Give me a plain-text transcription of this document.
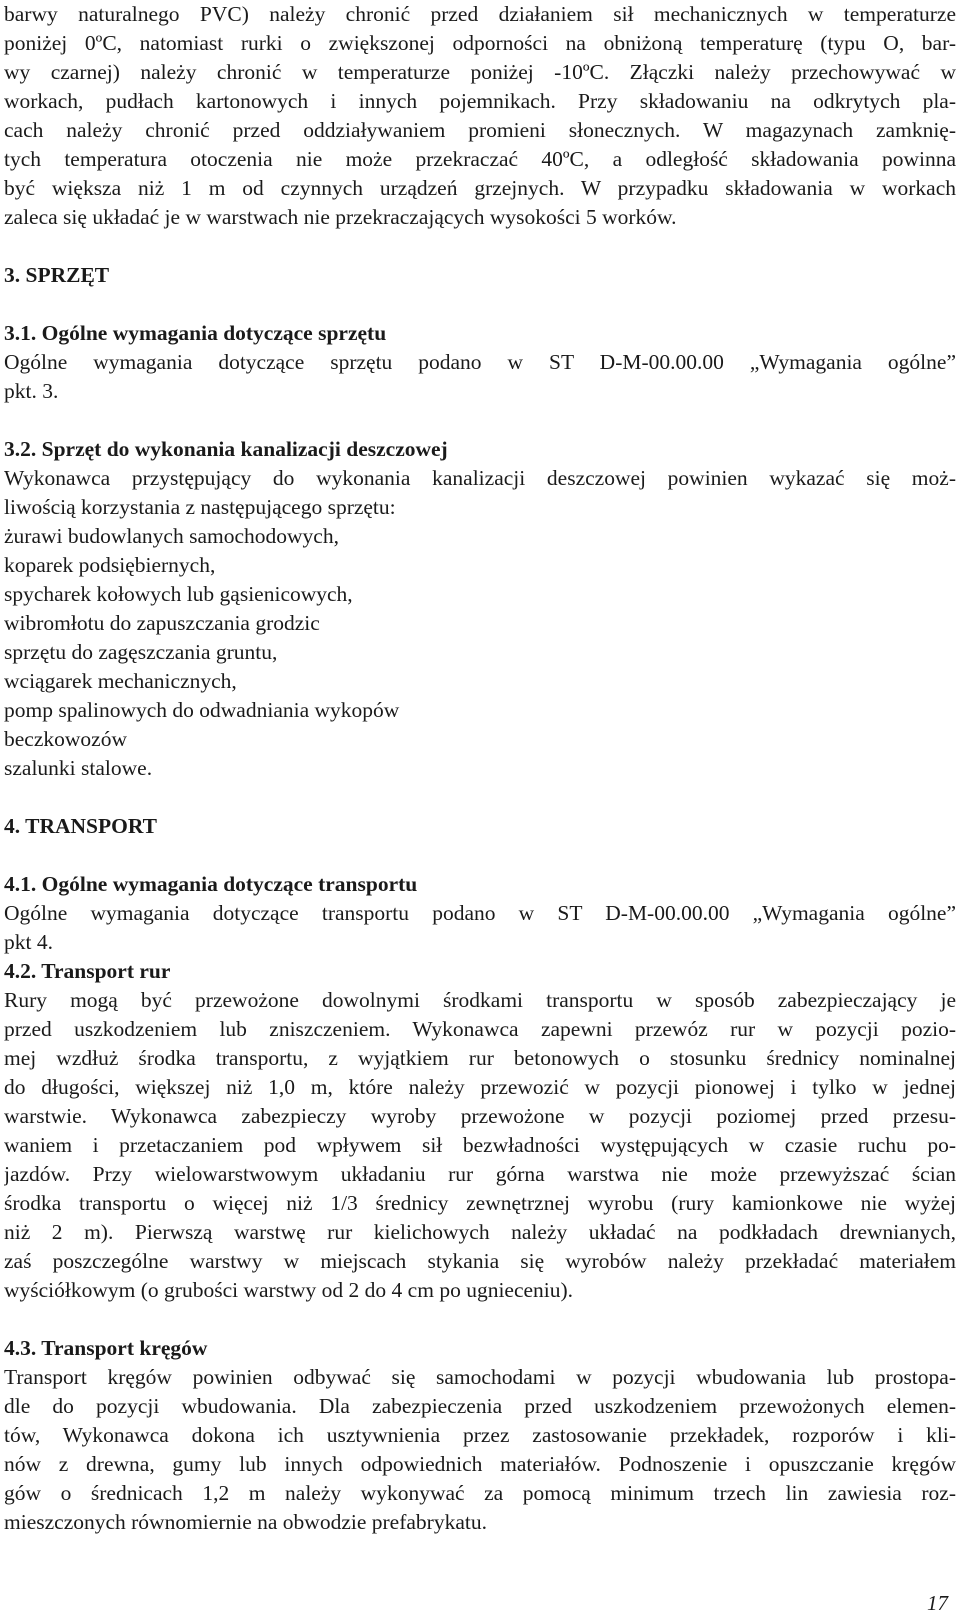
barwy naturalnego PVC) należy chronić przed działaniem sił mechanicznych w temperaturze
poniżej 0ºC, natomiast rurki o zwiększonej odporności na obniżoną temperaturę (typu O, bar-
wy czarnej) należy chronić w temperaturze poniżej -10ºC. Złączki należy przechowywać w
workach, pudłach kartonowych i innych pojemnikach. Przy składowaniu na odkrytych pla-
cach należy chronić przed oddziaływaniem promieni słonecznych. W magazynach zamknię-
tych temperatura otoczenia nie może przekraczać 40ºC, a odległość składowania powinna
być większa niż 1 m od czynnych urządzeń grzejnych. W przypadku składowania w workach
zaleca się układać je w warstwach nie przekraczających wysokości 5 worków.
3. SPRZĘT
3.1. Ogólne wymagania dotyczące sprzętu
Ogólne wymagania dotyczące sprzętu podano w ST D-M-00.00.00 „Wymagania ogólne”
pkt. 3.
3.2. Sprzęt do wykonania kanalizacji deszczowej
Wykonawca przystępujący do wykonania kanalizacji deszczowej powinien wykazać się moż-
liwością korzystania z następującego sprzętu:
żurawi budowlanych samochodowych,
koparek podsiębiernych,
spycharek kołowych lub gąsienicowych,
wibromłotu do zapuszczania grodzic
sprzętu do zagęszczania gruntu,
wciągarek mechanicznych,
pomp spalinowych do odwadniania wykopów
beczkowozów
szalunki stalowe.
4. TRANSPORT
4.1. Ogólne wymagania dotyczące transportu
Ogólne wymagania dotyczące transportu podano w ST D-M-00.00.00 „Wymagania ogólne”
pkt 4.
4.2. Transport rur
Rury mogą być przewożone dowolnymi środkami transportu w sposób zabezpieczający je
przed uszkodzeniem lub zniszczeniem. Wykonawca zapewni przewóz rur w pozycji pozio-
mej wzdłuż środka transportu, z wyjątkiem rur betonowych o stosunku średnicy nominalnej
do długości, większej niż 1,0 m, które należy przewozić w pozycji pionowej i tylko w jednej
warstwie. Wykonawca zabezpieczy wyroby przewożone w pozycji poziomej przed przesu-
waniem i przetaczaniem pod wpływem sił bezwładności występujących w czasie ruchu po-
jazdów. Przy wielowarstwowym układaniu rur górna warstwa nie może przewyższać ścian
środka transportu o więcej niż 1/3 średnicy zewnętrznej wyrobu (rury kamionkowe nie wyżej
niż 2 m). Pierwszą warstwę rur kielichowych należy układać na podkładach drewnianych,
zaś poszczególne warstwy w miejscach stykania się wyrobów należy przekładać materiałem
wyściółkowym (o grubości warstwy od 2 do 4 cm po ugnieceniu).
4.3. Transport kręgów
Transport kręgów powinien odbywać się samochodami w pozycji wbudowania lub prostopa-
dle do pozycji wbudowania. Dla zabezpieczenia przed uszkodzeniem przewożonych elemen-
tów, Wykonawca dokona ich usztywnienia przez zastosowanie przekładek, rozporów i kli-
nów z drewna, gumy lub innych odpowiednich materiałów. Podnoszenie i opuszczanie kręgów
gów o średnicach 1,2 m należy wykonywać za pomocą minimum trzech lin zawiesia roz-
mieszczonych równomiernie na obwodzie prefabrykatu.
17
